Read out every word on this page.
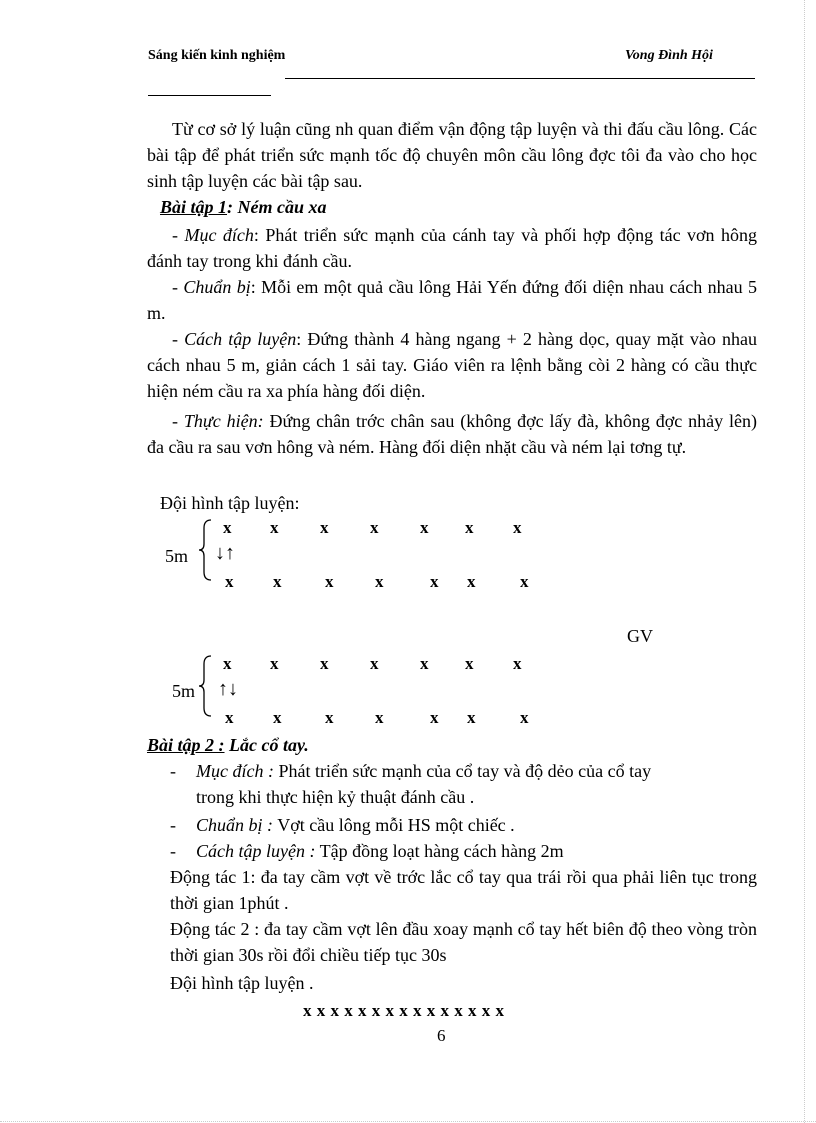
Sáng kiến kinh nghiệm	Vong Đình Hội
Từ cơ sở lý luận cũng nh quan điểm vận động tập luyện và thi đấu cầu lông. Các bài tập để phát triển sức mạnh tốc độ chuyên môn cầu lông đợc tôi đa vào cho học sinh tập luyện các bài tập sau.
Bài tập 1: Ném cầu xa
- Mục đích: Phát triển sức mạnh của cánh tay và phối hợp động tác vơn hông đánh tay trong khi đánh cầu.
- Chuẩn bị: Mỗi em một quả cầu lông Hải Yến đứng đối diện nhau cách nhau 5 m.
- Cách tập luyện: Đứng thành 4 hàng ngang + 2 hàng dọc, quay mặt vào nhau cách nhau 5 m, giản cách 1 sải tay. Giáo viên ra lệnh bằng còi 2 hàng có cầu thực hiện ném cầu ra xa phía hàng đối diện.
- Thực hiện: Đứng chân trớc chân sau (không đợc lấy đà, không đợc nhảy lên) đa cầu ra sau vơn hông và ném. Hàng đối diện nhặt cầu và ném lại tơng tự.
Đội hình tập luyện:
x x x x x x x
5m ↓↑
x x	x x	x x	x
GV
x x x x x x x
5m ↑↓
x x	x x	x x	x
Bài tập 2 : Lắc cổ tay.
- Mục đích : Phát triển sức mạnh của cổ tay và độ dẻo của cổ tay
trong khi thực hiện kỷ thuật đánh cầu .
- Chuẩn bị : Vợt cầu lông mỗi HS một chiếc .
- Cách tập luyện : Tập đồng loạt hàng cách hàng 2m
Động tác 1: đa tay cầm vợt về trớc lắc cổ tay qua trái rồi qua phải liên tục trong thời gian 1phút .
Động tác 2 : đa tay cầm vợt lên đầu xoay mạnh cổ tay hết biên độ theo vòng tròn thời gian 30s rồi đổi chiều tiếp tục 30s
Đội hình tập luyện .
x x x x x x x x x x x x x x x
6
